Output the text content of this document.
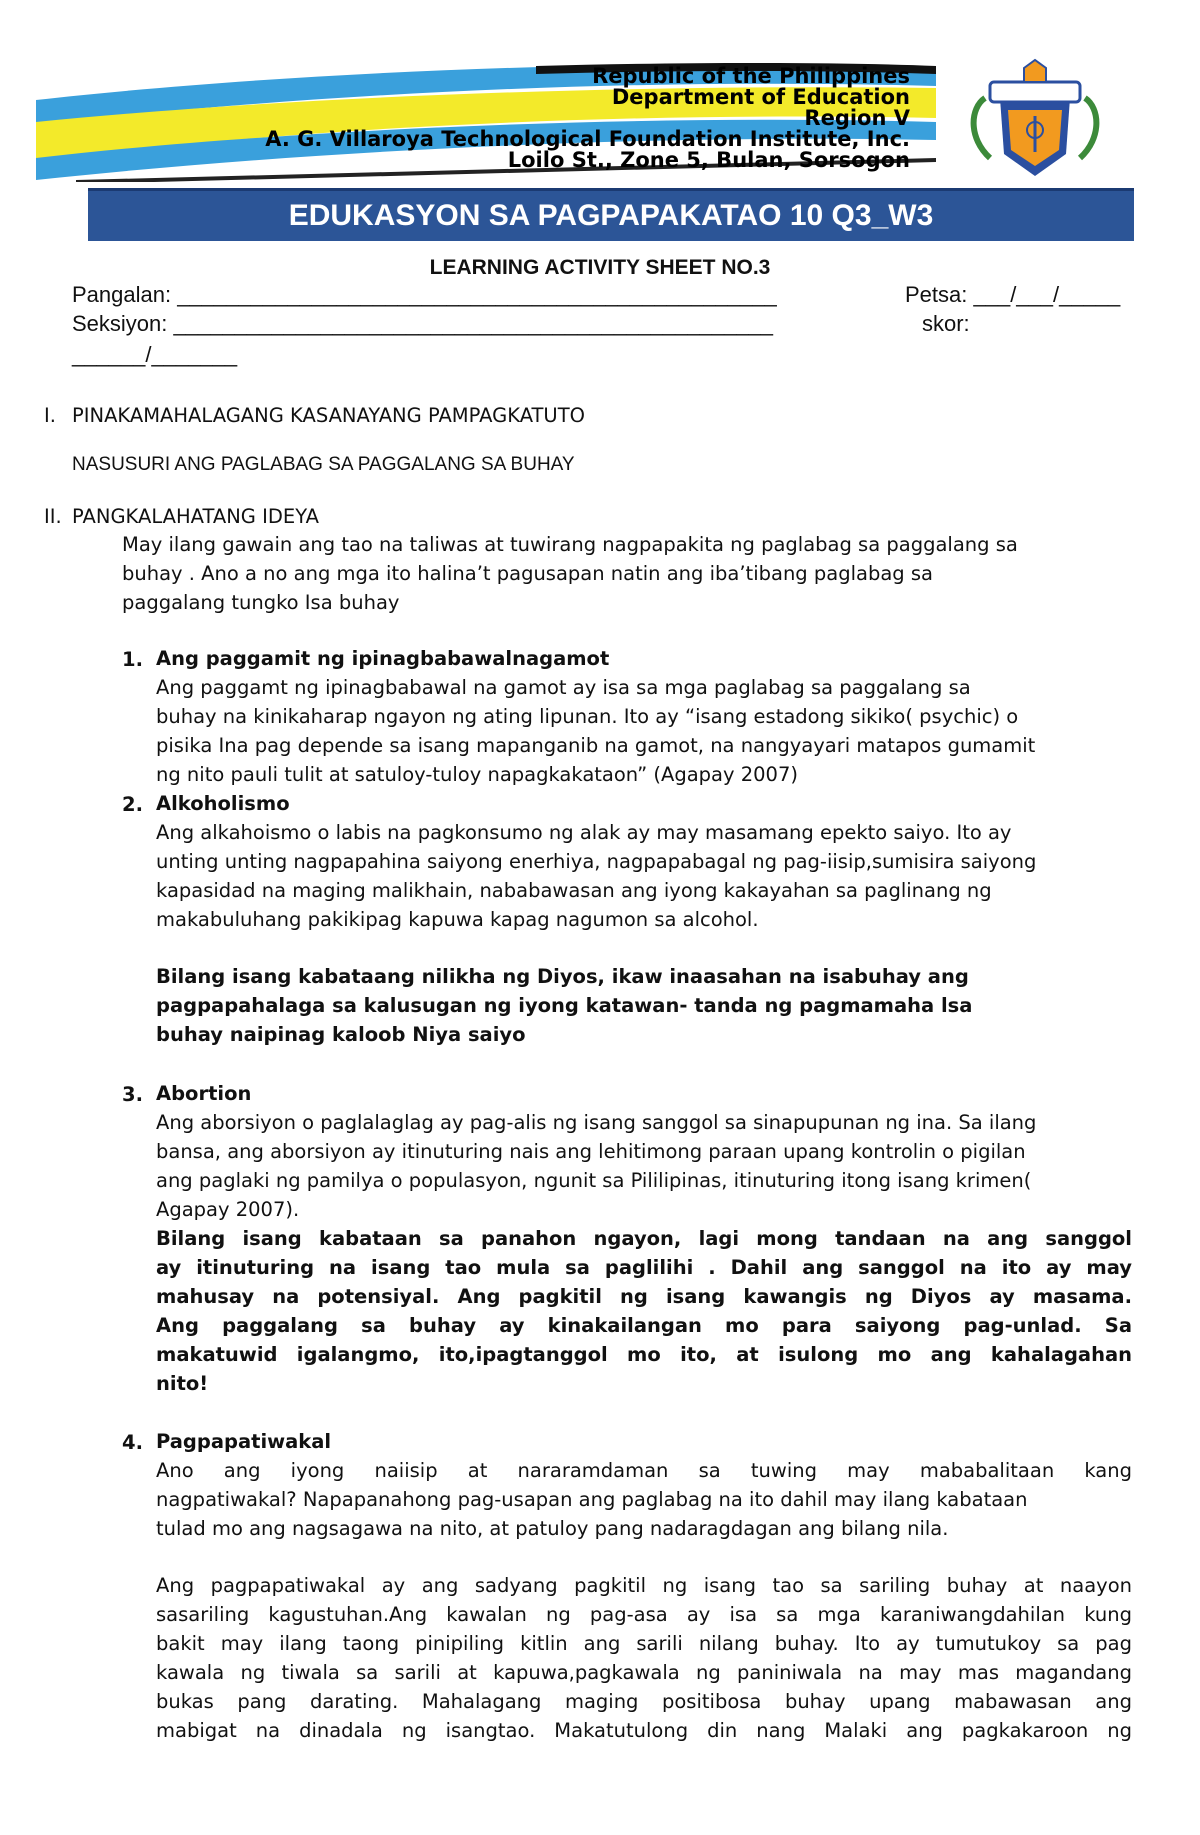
Republic of the Philippines
Department of Education
Region V
A. G. Villaroya Technological Foundation Institute, Inc.
Loilo St., Zone 5, Bulan, Sorsogon
EDUKASYON SA PAGPAPAKATAO 10 Q3_W3
LEARNING ACTIVITY SHEET NO.3
Pangalan: _________________________________________________	Petsa: ___/___/_____
Seksiyon: _________________________________________________	skor:
______/_______
I. PINAKAMAHALAGANG KASANAYANG PAMPAGKATUTO
NASUSURI ANG PAGLABAG SA PAGGALANG SA BUHAY
II. PANGKALAHATANG IDEYA
May ilang gawain ang tao na taliwas at tuwirang nagpapakita ng paglabag sa paggalang sa
buhay . Ano a no ang mga ito halina’t pagusapan natin ang iba’tibang paglabag sa
paggalang tungko Isa buhay
1. Ang paggamit ng ipinagbabawalnagamot
Ang paggamt ng ipinagbabawal na gamot ay isa sa mga paglabag sa paggalang sa
buhay na kinikaharap ngayon ng ating lipunan. Ito ay “isang estadong sikiko( psychic) o
pisika Ina pag depende sa isang mapanganib na gamot, na nangyayari matapos gumamit
ng nito pauli tulit at satuloy-tuloy napagkakataon” (Agapay 2007)
2. Alkoholismo
Ang alkahoismo o labis na pagkonsumo ng alak ay may masamang epekto saiyo. Ito ay
unting unting nagpapahina saiyong enerhiya, nagpapabagal ng pag-iisip,sumisira saiyong
kapasidad na maging malikhain, nababawasan ang iyong kakayahan sa paglinang ng
makabuluhang pakikipag kapuwa kapag nagumon sa alcohol.
Bilang isang kabataang nilikha ng Diyos, ikaw inaasahan na isabuhay ang
pagpapahalaga sa kalusugan ng iyong katawan- tanda ng pagmamaha lsa
buhay naipinag kaloob Niya saiyo
3. Abortion
Ang aborsiyon o paglalaglag ay pag-alis ng isang sanggol sa sinapupunan ng ina. Sa ilang
bansa, ang aborsiyon ay itinuturing nais ang lehitimong paraan upang kontrolin o pigilan
ang paglaki ng pamilya o populasyon, ngunit sa Pililipinas, itinuturing itong isang krimen(
Agapay 2007).
Bilang isang kabataan sa panahon ngayon, lagi mong tandaan na ang sanggol
ay itinuturing na isang tao mula sa paglilihi . Dahil ang sanggol na ito ay may
mahusay na potensiyal. Ang pagkitil ng isang kawangis ng Diyos ay masama.
Ang paggalang sa buhay ay kinakailangan mo para saiyong pag-unlad. Sa
makatuwid igalangmo, ito,ipagtanggol mo ito, at isulong mo ang kahalagahan
nito!
4. Pagpapatiwakal
Ano ang iyong naiisip at nararamdaman sa tuwing may mababalitaan kang
nagpatiwakal? Napapanahong pag-usapan ang paglabag na ito dahil may ilang kabataan
tulad mo ang nagsagawa na nito, at patuloy pang nadaragdagan ang bilang nila.
Ang pagpapatiwakal ay ang sadyang pagkitil ng isang tao sa sariling buhay at naayon
sasariling kagustuhan.Ang kawalan ng pag-asa ay isa sa mga karaniwangdahilan kung
bakit may ilang taong pinipiling kitlin ang sarili nilang buhay. Ito ay tumutukoy sa pag
kawala ng tiwala sa sarili at kapuwa,pagkawala ng paniniwala na may mas magandang
bukas pang darating. Mahalagang maging positibosa buhay upang mabawasan ang
mabigat na dinadala ng isangtao. Makatutulong din nang Malaki ang pagkakaroon ng
